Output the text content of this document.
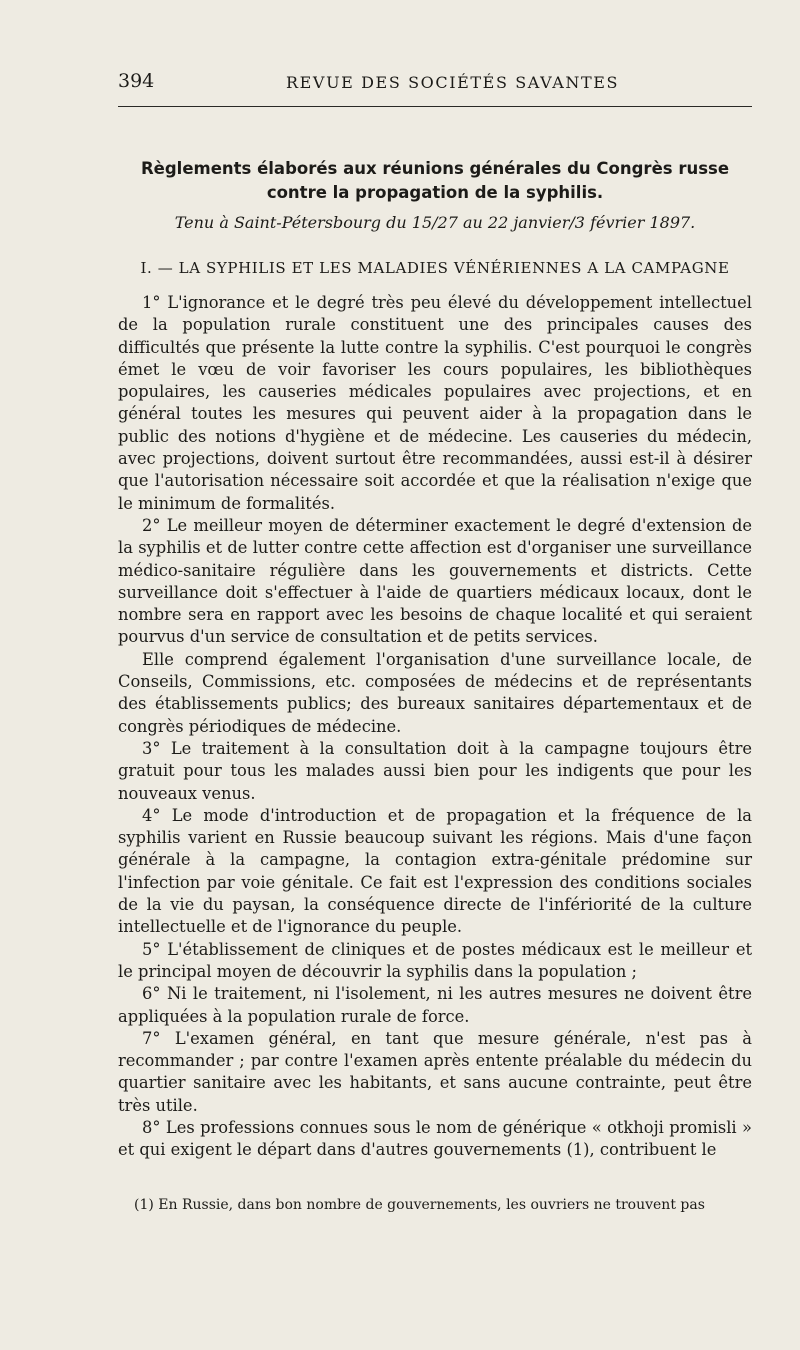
394	REVUE DES SOCIÉTÉS SAVANTES
Règlements élaborés aux réunions générales du Congrès russe
contre la propagation de la syphilis.
Tenu à Saint-Pétersbourg du 15/27 au 22 janvier/3 février 1897.
I. — LA SYPHILIS ET LES MALADIES VÉNÉRIENNES A LA CAMPAGNE

1° L'ignorance et le degré très peu élevé du développement intellectuel de la population rurale constituent une des principales causes des difficultés que présente la lutte contre la syphilis. C'est pourquoi le congrès émet le vœu de voir favoriser les cours populaires, les bibliothèques populaires, les causeries médicales populaires avec projections, et en général toutes les mesures qui peuvent aider à la propagation dans le public des notions d'hygiène et de médecine. Les causeries du médecin, avec projections, doivent surtout être recommandées, aussi est-il à désirer que l'autorisation nécessaire soit accordée et que la réalisation n'exige que le minimum de formalités.

2° Le meilleur moyen de déterminer exactement le degré d'extension de la syphilis et de lutter contre cette affection est d'organiser une surveillance médico-sanitaire régulière dans les gouvernements et districts. Cette surveillance doit s'effectuer à l'aide de quartiers médicaux locaux, dont le nombre sera en rapport avec les besoins de chaque localité et qui seraient pourvus d'un service de consultation et de petits services.

Elle comprend également l'organisation d'une surveillance locale, de Conseils, Commissions, etc. composées de médecins et de représentants des établissements publics; des bureaux sanitaires départementaux et de congrès périodiques de médecine.

3° Le traitement à la consultation doit à la campagne toujours être gratuit pour tous les malades aussi bien pour les indigents que pour les nouveaux venus.

4° Le mode d'introduction et de propagation et la fréquence de la syphilis varient en Russie beaucoup suivant les régions. Mais d'une façon générale à la campagne, la contagion extra-génitale prédomine sur l'infection par voie génitale. Ce fait est l'expression des conditions sociales de la vie du paysan, la conséquence directe de l'infériorité de la culture intellectuelle et de l'ignorance du peuple.

5° L'établissement de cliniques et de postes médicaux est le meilleur et le principal moyen de découvrir la syphilis dans la population ;

6° Ni le traitement, ni l'isolement, ni les autres mesures ne doivent être appliquées à la population rurale de force.

7° L'examen général, en tant que mesure générale, n'est pas à recommander ; par contre l'examen après entente préalable du médecin du quartier sanitaire avec les habitants, et sans aucune contrainte, peut être très utile.

8° Les professions connues sous le nom de générique « otkhoji promisli » et qui exigent le départ dans d'autres gouvernements (1), contribuent le

(1) En Russie, dans bon nombre de gouvernements, les ouvriers ne trouvent pas
